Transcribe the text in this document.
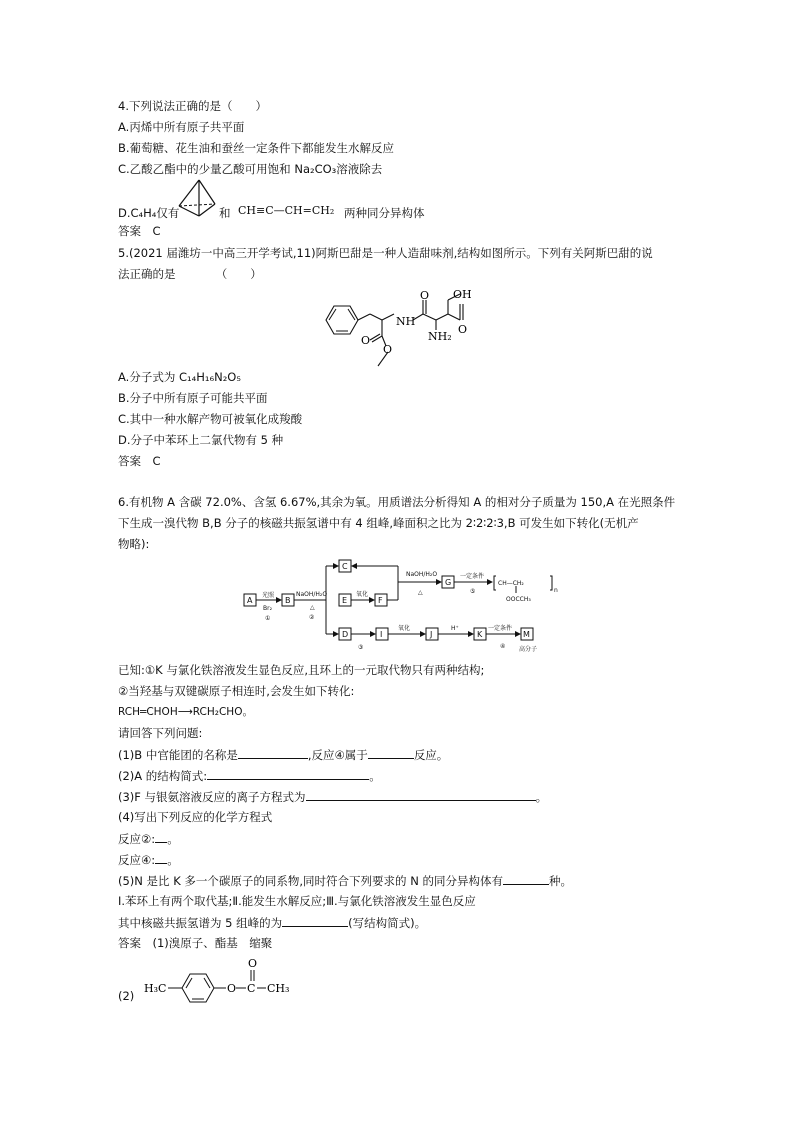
4.下列说法正确的是（　　）
A.丙烯中所有原子共平面
B.葡萄糖、花生油和蚕丝一定条件下都能发生水解反应
C.乙酸乙酯中的少量乙酸可用饱和 Na₂CO₃溶液除去
D.C₄H₄仅有	和 CH≡C—CH=CH₂ 两种同分异构体
答案　C
5.(2021 届潍坊一中高三开学考试,11)阿斯巴甜是一种人造甜味剂,结构如图所示。下列有关阿斯巴甜的说
法正确的是　　　　（　　）
OH
O
O
NH
NH₂
O
O
A.分子式为 C₁₄H₁₆N₂O₅
B.分子中所有原子可能共平面
C.其中一种水解产物可被氧化成羧酸
D.分子中苯环上二氯代物有 5 种
答案　C
6.有机物 A 含碳 72.0%、含氢 6.67%,其余为氧。用质谱法分析得知 A 的相对分子质量为 150,A 在光照条件
下生成一溴代物 B,B 分子的核磁共振氢谱中有 4 组峰,峰面积之比为 2∶2∶2∶3,B 可发生如下转化(无机产
物略):
A	B
C
E	F
G
D	I	J	K	M
光照
Br₂
①
NaOH/H₂O
△
②
氧化
NaOH/H₂O
△
一定条件
⑤
CH—CH₂
n
OOCCH₃
③
氧化	H⁺	一定条件
④ 高分子
已知:①K 与氯化铁溶液发生显色反应,且环上的一元取代物只有两种结构;
②当羟基与双键碳原子相连时,会发生如下转化:
RCH═CHOH⟶RCH₂CHO。
请回答下列问题:
(1)B 中官能团的名称是	,反应④属于	反应。
(2)A 的结构简式:	。
(3)F 与银氨溶液反应的离子方程式为	。
(4)写出下列反应的化学方程式
反应②: 。
反应④: 。
(5)N 是比 K 多一个碳原子的同系物,同时符合下列要求的 N 的同分异构体有	种。
Ⅰ.苯环上有两个取代基;Ⅱ.能发生水解反应;Ⅲ.与氯化铁溶液发生显色反应
其中核磁共振氢谱为 5 组峰的为	(写结构简式)。
答案　(1)溴原子、酯基　缩聚
(2)
H₃C	O C
O
CH₃
